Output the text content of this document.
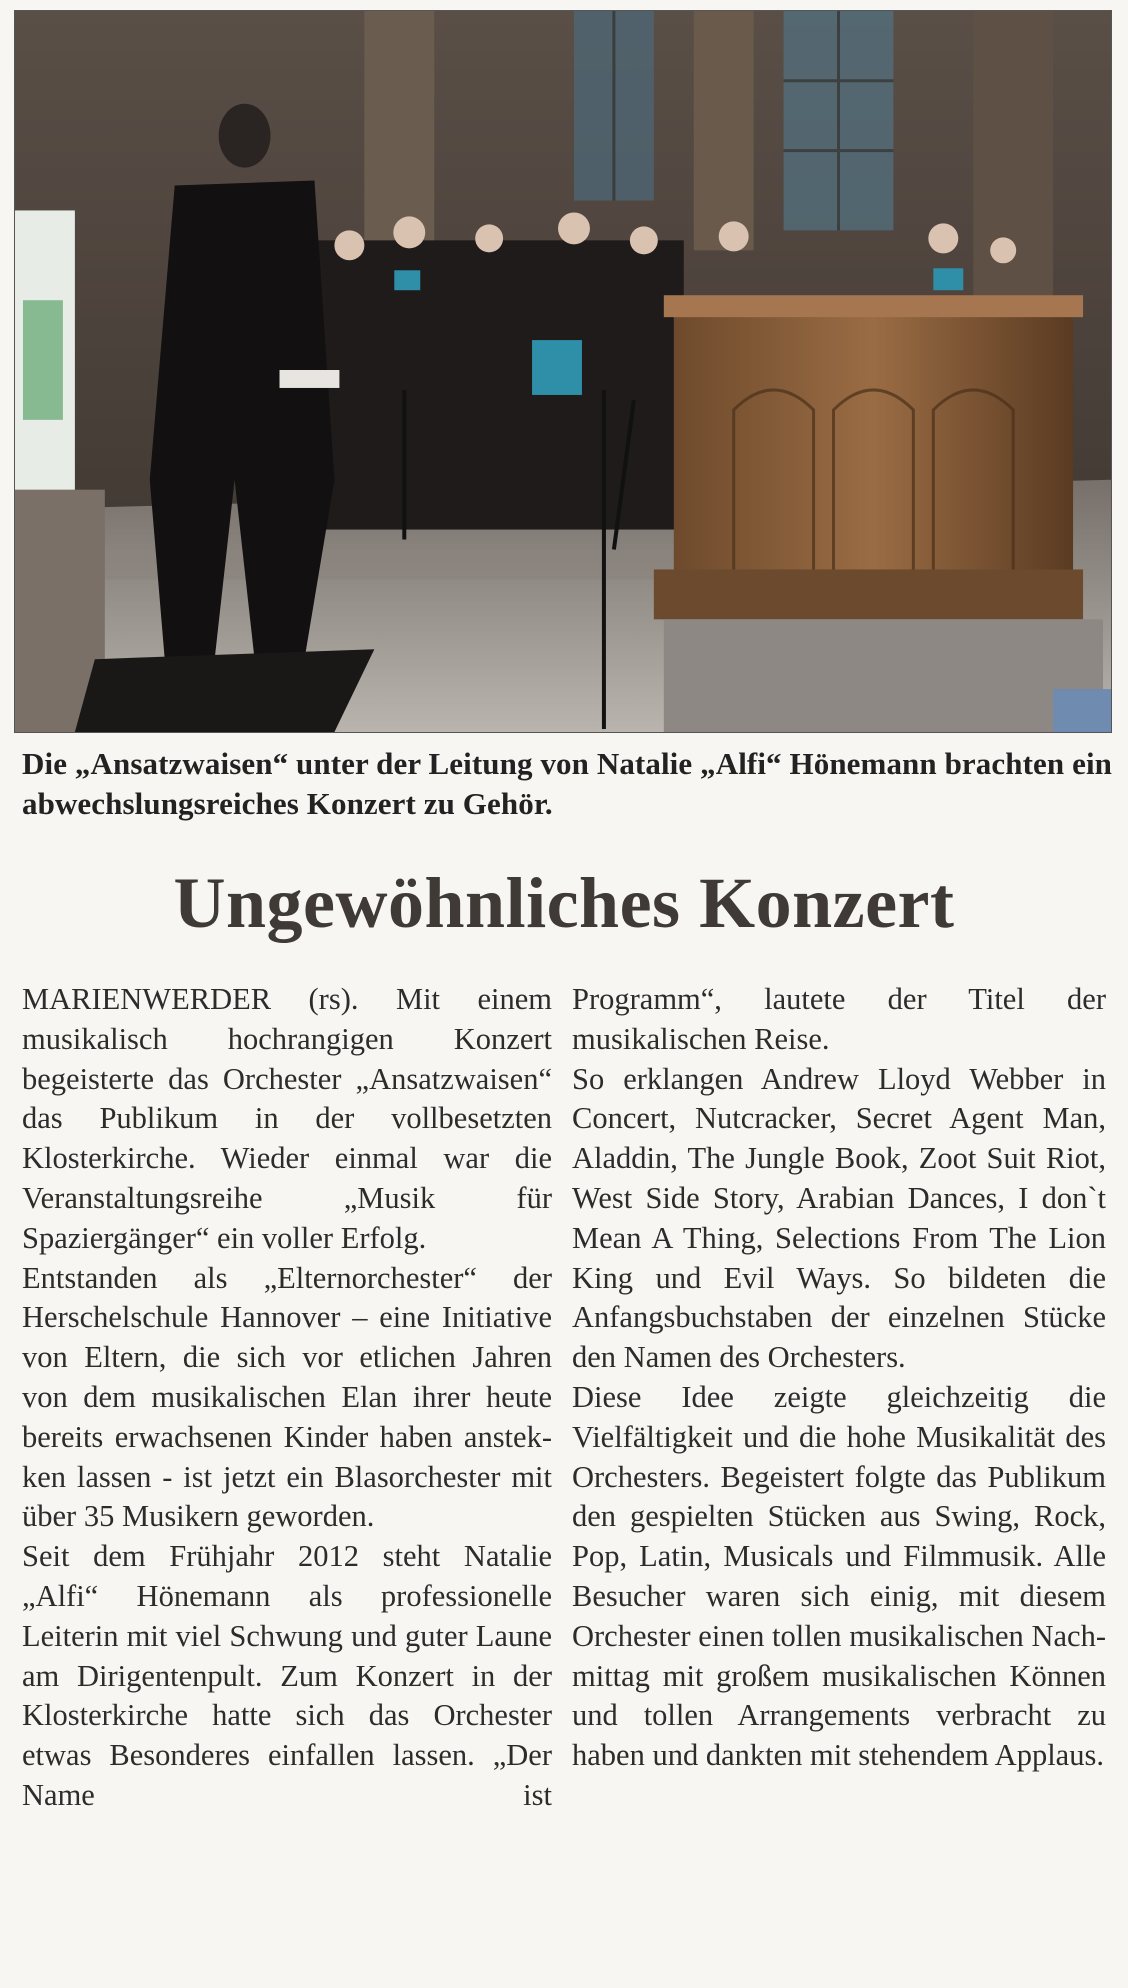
Die „Ansatzwaisen“ unter der Leitung von Natalie „Alfi“ Hönemann brachten ein abwechslungsreiches Konzert zu Gehör.
Ungewöhnliches Konzert

MARIENWERDER (rs). Mit einem musikalisch hochrangigen Konzert begeisterte das Orchester „Ansatzwaisen“ das Publikum in der vollbesetzten Klosterkirche. Wieder einmal war die Veranstaltungsreihe „Musik für Spaziergänger“ ein voller Erfolg.

Entstanden als „Elternorchester“ der Herschelschule Hannover – eine Initiative von Eltern, die sich vor etlichen Jahren von dem musikalischen Elan ihrer heute bereits erwachsenen Kinder haben anstekken lassen - ist jetzt ein Blasorchester mit über 35 Musikern geworden.

Seit dem Frühjahr 2012 steht Natalie „Alfi“ Hönemann als professionelle Leiterin mit viel Schwung und guter Laune am Dirigentenpult. Zum Konzert in der Klosterkirche hatte sich das Orchester etwas Besonderes einfallen lassen. „Der Name ist

Programm“, lautete der Titel der musikalischen Reise.

So erklangen Andrew Lloyd Webber in Concert, Nutcracker, Secret Agent Man, Aladdin, The Jungle Book, Zoot Suit Riot, West Side Story, Arabian Dances, I don`t Mean A Thing, Selections From The Lion King und Evil Ways. So bildeten die Anfangsbuchstaben der einzelnen Stücke den Namen des Orchesters.

Diese Idee zeigte gleichzeitig die Vielfältigkeit und die hohe Musikalität des Orchesters. Begeistert folgte das Publikum den gespielten Stücken aus Swing, Rock, Pop, Latin, Musicals und Filmmusik. Alle Besucher waren sich einig, mit diesem Orchester einen tollen musikalischen Nachmittag mit großem musikalischen Können und tollen Arrangements verbracht zu haben und dankten mit stehendem Applaus.
